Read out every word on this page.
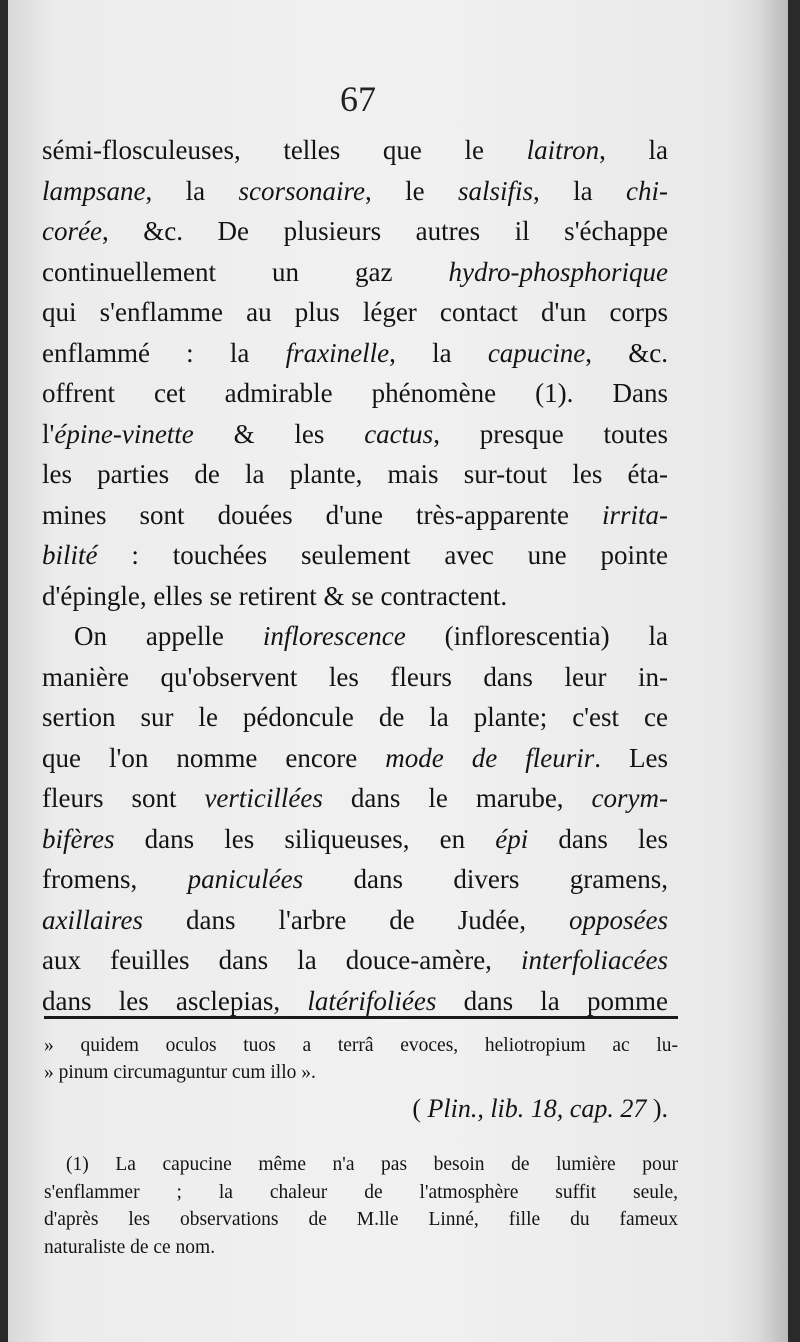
67
sémi-flosculeuses, telles que le laitron, la
lampsane, la scorsonaire, le salsifis, la chi-
corée, &c. De plusieurs autres il s'échappe
continuellement un gaz hydro-phosphorique
qui s'enflamme au plus léger contact d'un corps
enflammé : la fraxinelle, la capucine, &c.
offrent cet admirable phénomène (1). Dans
l'épine-vinette & les cactus, presque toutes
les parties de la plante, mais sur-tout les éta-
mines sont douées d'une très-apparente irrita-
bilité : touchées seulement avec une pointe
d'épingle, elles se retirent & se contractent.
On appelle inflorescence (inflorescentia) la
manière qu'observent les fleurs dans leur in-
sertion sur le pédoncule de la plante; c'est ce
que l'on nomme encore mode de fleurir. Les
fleurs sont verticillées dans le marube, corym-
bifères dans les siliqueuses, en épi dans les
fromens, paniculées dans divers gramens,
axillaires dans l'arbre de Judée, opposées
aux feuilles dans la douce-amère, interfoliacées
dans les asclepias, latérifoliées dans la pomme
» quidem oculos tuos a terrâ evoces, heliotropium ac lu-
» pinum circumaguntur cum illo ».
( Plin., lib. 18, cap. 27 ).
(1) La capucine même n'a pas besoin de lumière pour
s'enflammer ; la chaleur de l'atmosphère suffit seule,
d'après les observations de M.lle Linné, fille du fameux
naturaliste de ce nom.
